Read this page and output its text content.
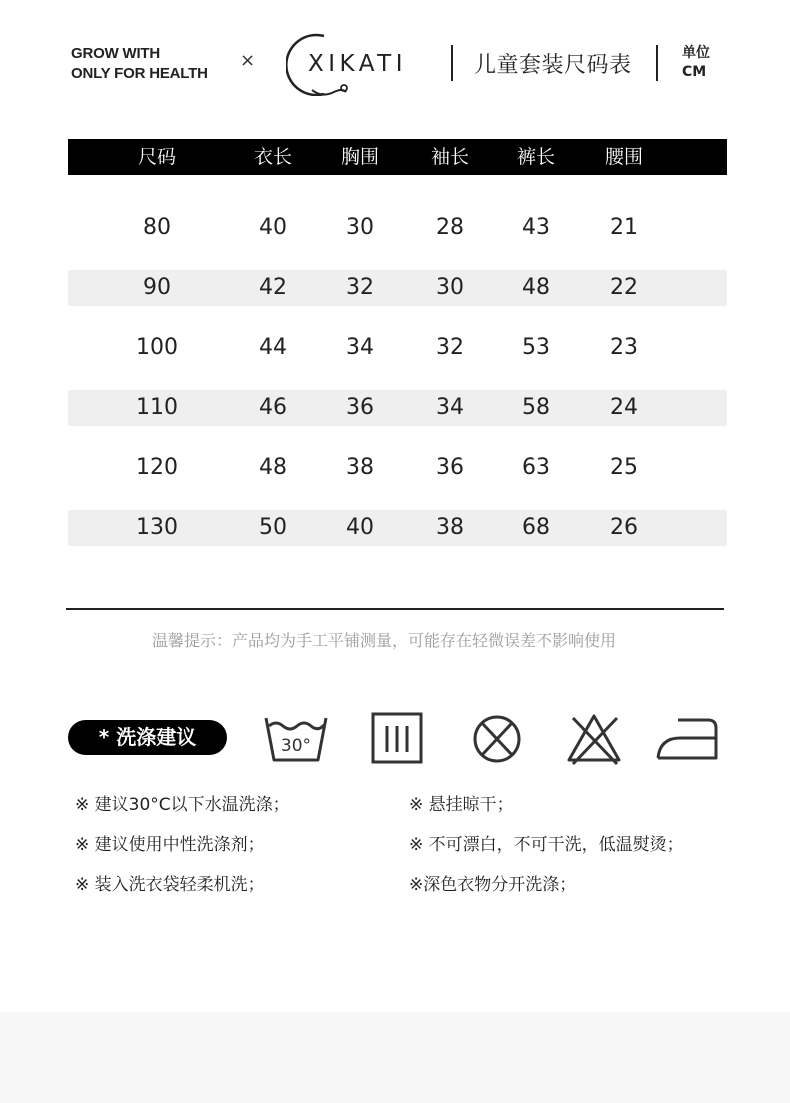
GROW WITH
ONLY FOR HEALTH
× XIKATI	儿童套装尺码表	单位
CM
尺码	衣长	胸围	袖长	裤长	腰围
80	40	30	28	43	21
90	42	32	30	48	22
100	44	34	32	53	23
110	46	36	34	58	24
120	48	38	36	63	25
130	50	40	38	68	26
温馨提示：产品均为手工平铺测量，可能存在轻微误差不影响使用
* 洗涤建议	30°
※ 建议30°C以下水温洗涤；
※ 建议使用中性洗涤剂；
※ 装入洗衣袋轻柔机洗；
※ 悬挂晾干；
※ 不可漂白，不可干洗，低温熨烫；
※深色衣物分开洗涤；
